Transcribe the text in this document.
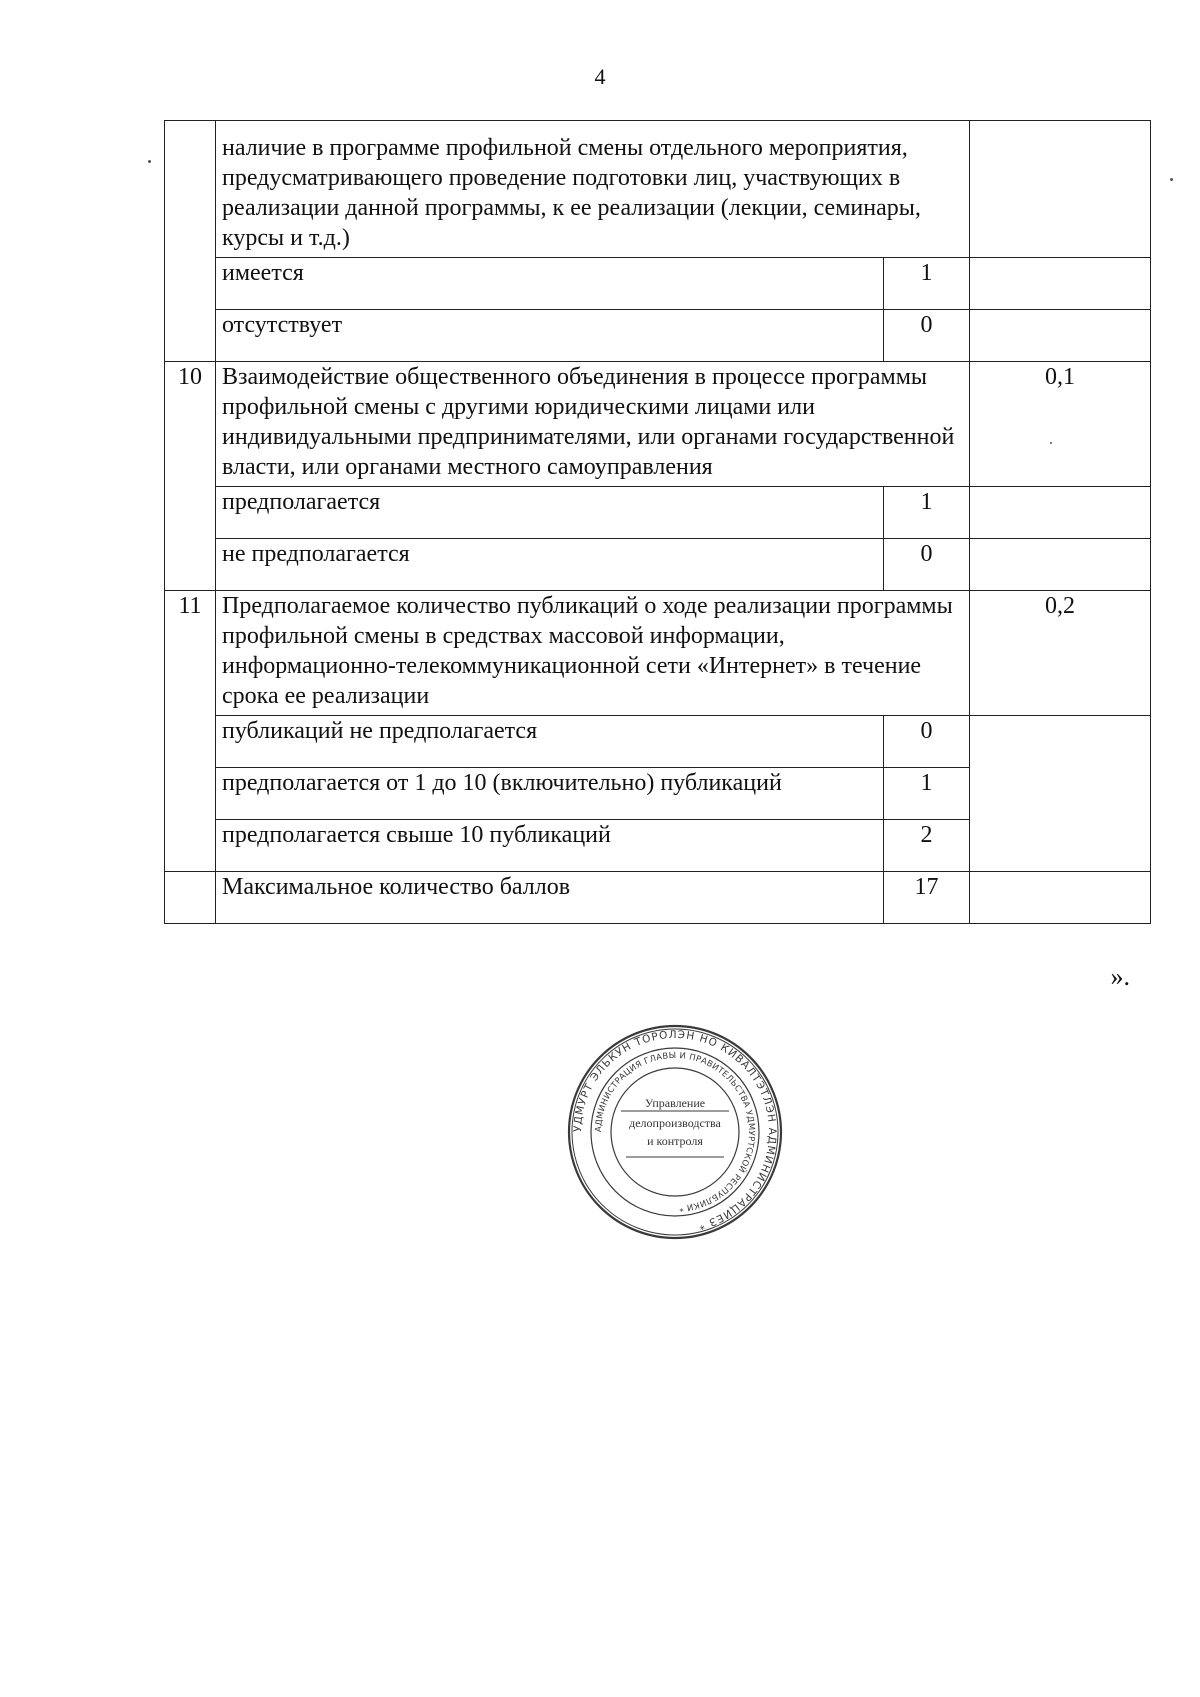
4
	наличие в программе профильной смены отдельного мероприятия, предусматривающего проведение подготовки лиц, участвующих в реализации данной программы, к ее реализации (лекции, семинары, курсы и т.д.)		
	имеется	1	
	отсутствует	0	
10	Взаимодействие общественного объединения в процессе программы профильной смены с другими юридическими лицами или индивидуальными предпринимателями, или органами государственной власти, или органами местного самоуправления		0,1
	предполагается	1	
	не предполагается	0	
11	Предполагаемое количество публикаций о ходе реализации программы профильной смены в средствах массовой информации, информационно-телекоммуникационной сети «Интернет» в течение срока ее реализации		0,2
	публикаций не предполагается	0	
	предполагается от 1 до 10 (включительно) публикаций	1	
	предполагается свыше 10 публикаций	2	
	Максимальное количество баллов	17	
».
УДМУРТ ЭЛЬКУН ТОРОЛЭН НО КИВАЛТЭТЛЭН АДМИНИСТРАЦИЕЗ *
АДМИНИСТРАЦИЯ ГЛАВЫ И ПРАВИТЕЛЬСТВА УДМУРТСКОЙ РЕСПУБЛИКИ *
Управление
делопроизводства
и контроля
